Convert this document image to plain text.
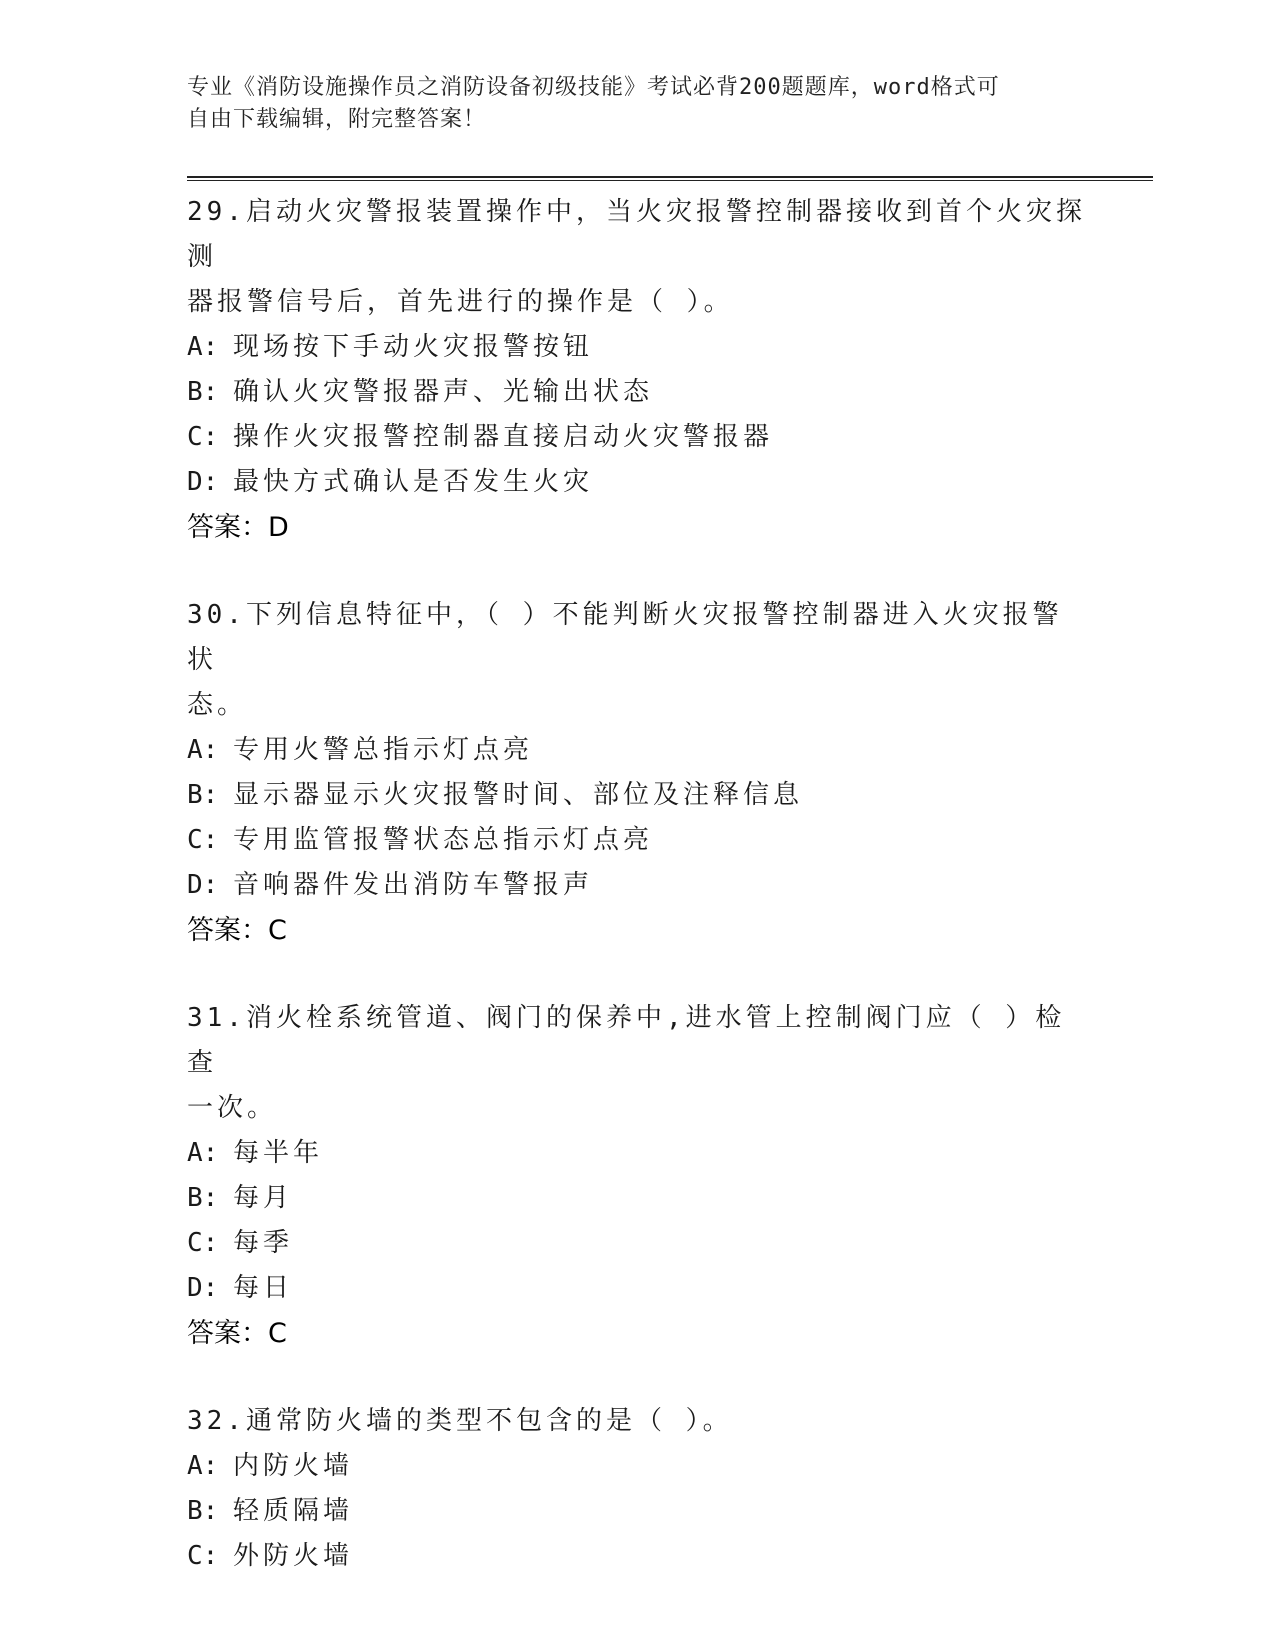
专业《消防设施操作员之消防设备初级技能》考试必背200题题库，word格式可
自由下载编辑，附完整答案！
29.启动火灾警报装置操作中，当火灾报警控制器接收到首个火灾探测
器报警信号后，首先进行的操作是（ ）。
A: 现场按下手动火灾报警按钮
B: 确认火灾警报器声、光输出状态
C: 操作火灾报警控制器直接启动火灾警报器
D: 最快方式确认是否发生火灾
答案：D
30.下列信息特征中，（ ）不能判断火灾报警控制器进入火灾报警状
态。
A: 专用火警总指示灯点亮
B: 显示器显示火灾报警时间、部位及注释信息
C: 专用监管报警状态总指示灯点亮
D: 音响器件发出消防车警报声
答案：C
31.消火栓系统管道、阀门的保养中,进水管上控制阀门应（ ）检查
一次。
A: 每半年
B: 每月
C: 每季
D: 每日
答案：C
32.通常防火墙的类型不包含的是（ ）。
A: 内防火墙
B: 轻质隔墙
C: 外防火墙
